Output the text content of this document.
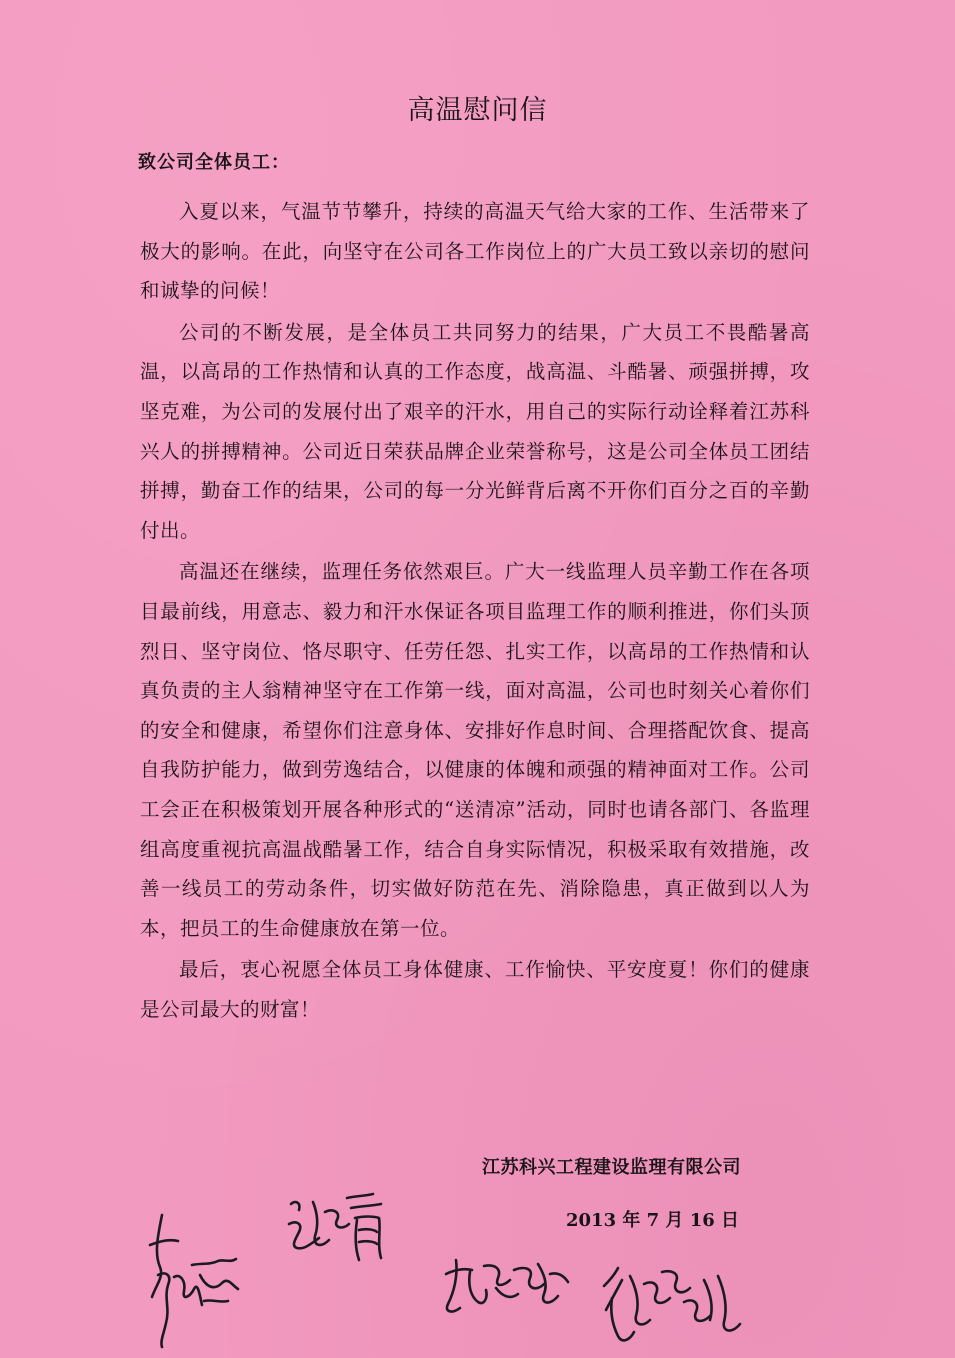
高温慰问信
致公司全体员工：

入夏以来，气温节节攀升，持续的高温天气给大家的工作、生活带来了极大的影响。在此，向坚守在公司各工作岗位上的广大员工致以亲切的慰问和诚挚的问候！

公司的不断发展，是全体员工共同努力的结果，广大员工不畏酷暑高温，以高昂的工作热情和认真的工作态度，战高温、斗酷暑、顽强拼搏，攻坚克难，为公司的发展付出了艰辛的汗水，用自己的实际行动诠释着江苏科兴人的拼搏精神。公司近日荣获品牌企业荣誉称号，这是公司全体员工团结拼搏，勤奋工作的结果，公司的每一分光鲜背后离不开你们百分之百的辛勤付出。

高温还在继续，监理任务依然艰巨。广大一线监理人员辛勤工作在各项目最前线，用意志、毅力和汗水保证各项目监理工作的顺利推进，你们头顶烈日、坚守岗位、恪尽职守、任劳任怨、扎实工作，以高昂的工作热情和认真负责的主人翁精神坚守在工作第一线，面对高温，公司也时刻关心着你们的安全和健康，希望你们注意身体、安排好作息时间、合理搭配饮食、提高自我防护能力，做到劳逸结合，以健康的体魄和顽强的精神面对工作。公司工会正在积极策划开展各种形式的“送清凉”活动，同时也请各部门、各监理组高度重视抗高温战酷暑工作，结合自身实际情况，积极采取有效措施，改善一线员工的劳动条件，切实做好防范在先、消除隐患，真正做到以人为本，把员工的生命健康放在第一位。

最后，衷心祝愿全体员工身体健康、工作愉快、平安度夏！你们的健康是公司最大的财富！

江苏科兴工程建设监理有限公司
2013 年 7 月 16 日
